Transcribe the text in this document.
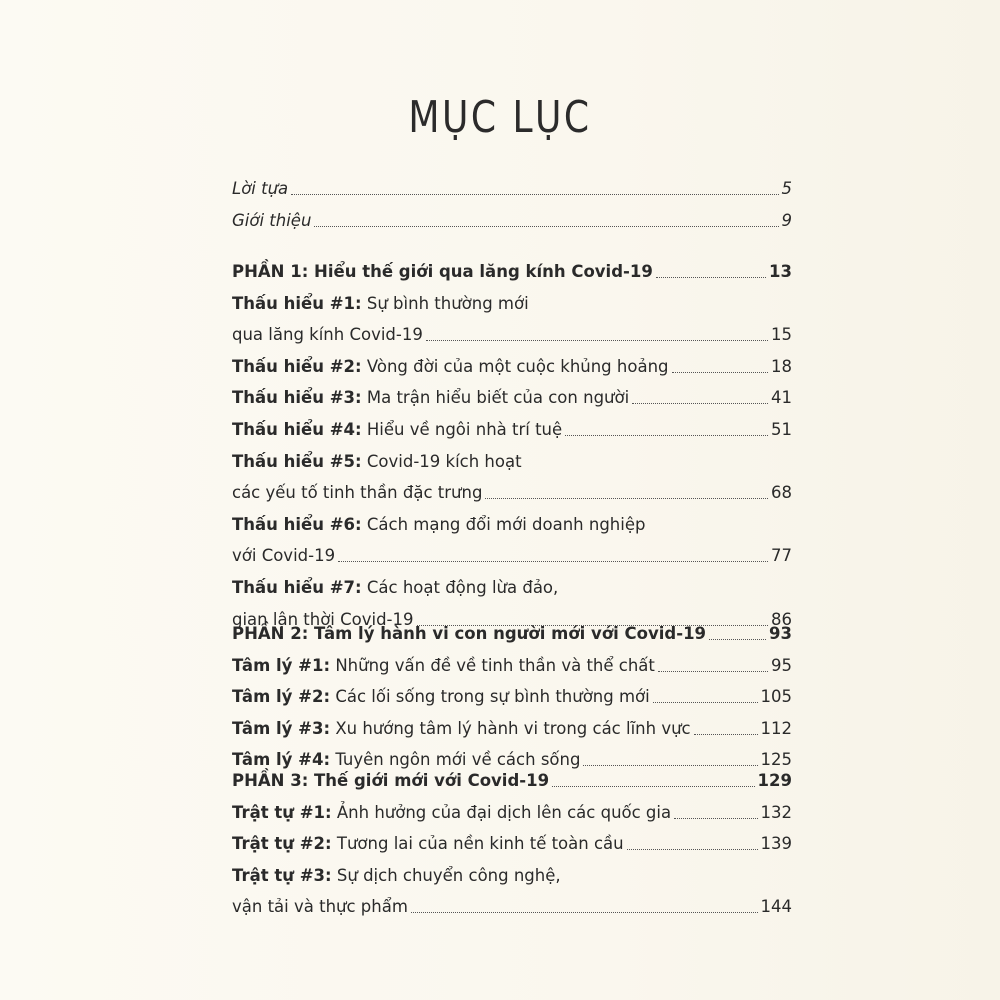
MỤC LỤC
Lời tựa	5
Giới thiệu	9
PHẦN 1: Hiểu thế giới qua lăng kính Covid-19	13
Thấu hiểu #1:
Sự bình thường mới
qua lăng kính Covid-19	15
Thấu hiểu #2: Vòng đời của một cuộc khủng hoảng	18
Thấu hiểu #3: Ma trận hiểu biết của con người	41
Thấu hiểu #4: Hiểu về ngôi nhà trí tuệ	51
Thấu hiểu #5:
Covid-19 kích hoạt
các yếu tố tinh thần đặc trưng	68
Thấu hiểu #6:
Cách mạng đổi mới doanh nghiệp
với Covid-19	77
Thấu hiểu #7:
Các hoạt động lừa đảo,
gian lận thời Covid-19	86
PHẦN 2: Tâm lý hành vi con người mới với Covid-19	93
Tâm lý #1: Những vấn đề về tinh thần và thể chất	95
Tâm lý #2: Các lối sống trong sự bình thường mới	105
Tâm lý #3: Xu hướng tâm lý hành vi trong các lĩnh vực	112
Tâm lý #4: Tuyên ngôn mới về cách sống	125
PHẦN 3: Thế giới mới với Covid-19	129
Trật tự #1: Ảnh hưởng của đại dịch lên các quốc gia	132
Trật tự #2: Tương lai của nền kinh tế toàn cầu	139
Trật tự #3:
Sự dịch chuyển công nghệ,
vận tải và thực phẩm	144
